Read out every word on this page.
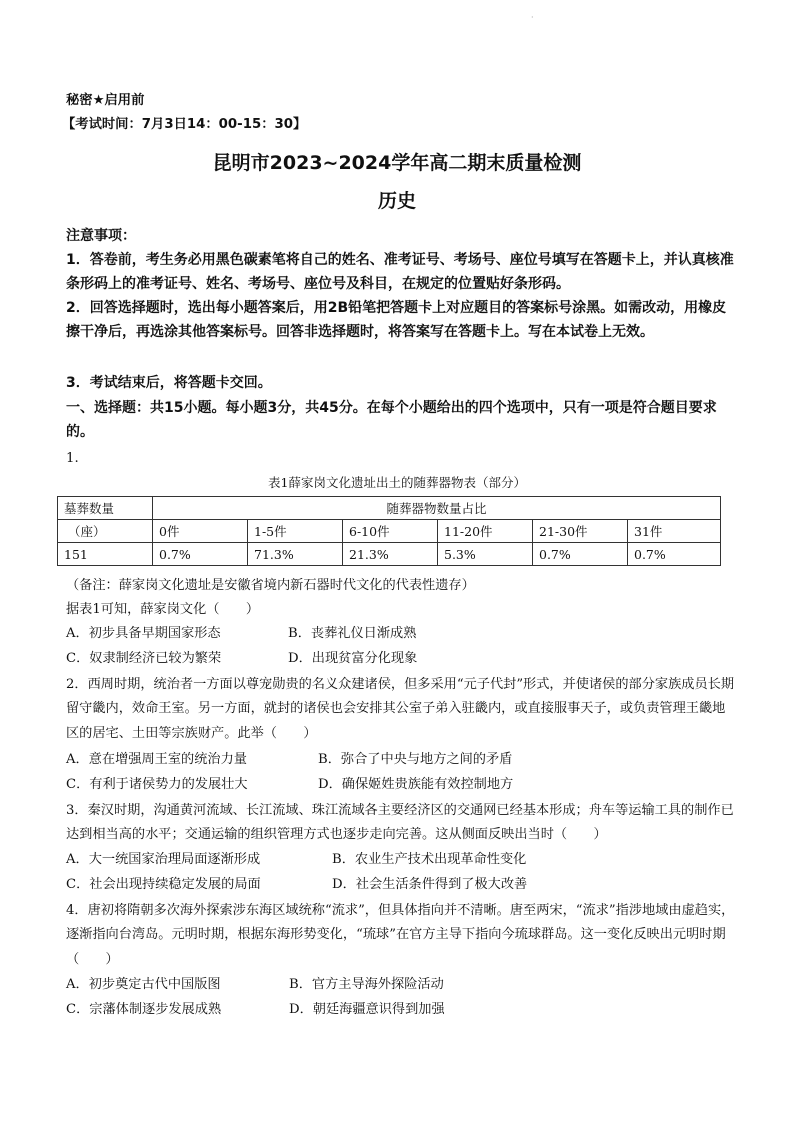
·
秘密★启用前
【考试时间：7月3日14：00-15：30】
昆明市2023~2024学年高二期末质量检测
历史
注意事项：
1．答卷前，考生务必用黑色碳素笔将自己的姓名、准考证号、考场号、座位号填写在答题卡上，并认真核准条形码上的准考证号、姓名、考场号、座位号及科目，在规定的位置贴好条形码。
2．回答选择题时，选出每小题答案后，用2B铅笔把答题卡上对应题目的答案标号涂黑。如需改动，用橡皮擦干净后，再选涂其他答案标号。回答非选择题时，将答案写在答题卡上。写在本试卷上无效。
3．考试结束后，将答题卡交回。
一、选择题：共15小题。每小题3分，共45分。在每个小题给出的四个选项中，只有一项是符合题目要求的。
1.
表1薛家岗文化遗址出土的随葬器物表（部分）
墓葬数量	随葬器物数量占比					
（座）	0件	1-5件	6-10件	11-20件	21-30件	31件
151	0.7%	71.3%	21.3%	5.3%	0.7%	0.7%
（备注：薛家岗文化遗址是安徽省境内新石器时代文化的代表性遗存）
据表1可知，薛家岗文化（　　）
A．初步具备早期国家形态	B．丧葬礼仪日渐成熟
C．奴隶制经济已较为繁荣	D．出现贫富分化现象
2．西周时期，统治者一方面以尊宠勋贵的名义众建诸侯，但多采用“元子代封”形式，并使诸侯的部分家族成员长期留守畿内，效命王室。另一方面，就封的诸侯也会安排其公室子弟入驻畿内，或直接服事天子，或负责管理王畿地区的居宅、土田等宗族财产。此举（　　）
A．意在增强周王室的统治力量	B．弥合了中央与地方之间的矛盾
C．有利于诸侯势力的发展壮大	D．确保姬姓贵族能有效控制地方
3．秦汉时期，沟通黄河流域、长江流域、珠江流域各主要经济区的交通网已经基本形成；舟车等运输工具的制作已达到相当高的水平；交通运输的组织管理方式也逐步走向完善。这从侧面反映出当时（　　）
A．大一统国家治理局面逐渐形成	B．农业生产技术出现革命性变化
C．社会出现持续稳定发展的局面	D．社会生活条件得到了极大改善
4．唐初将隋朝多次海外探索涉东海区域统称“流求”，但具体指向并不清晰。唐至两宋，“流求”指涉地域由虚趋实，逐渐指向台湾岛。元明时期，根据东海形势变化，“琉球”在官方主导下指向今琉球群岛。这一变化反映出元明时期（　　）
A．初步奠定古代中国版图	B．官方主导海外探险活动
C．宗藩体制逐步发展成熟	D．朝廷海疆意识得到加强
